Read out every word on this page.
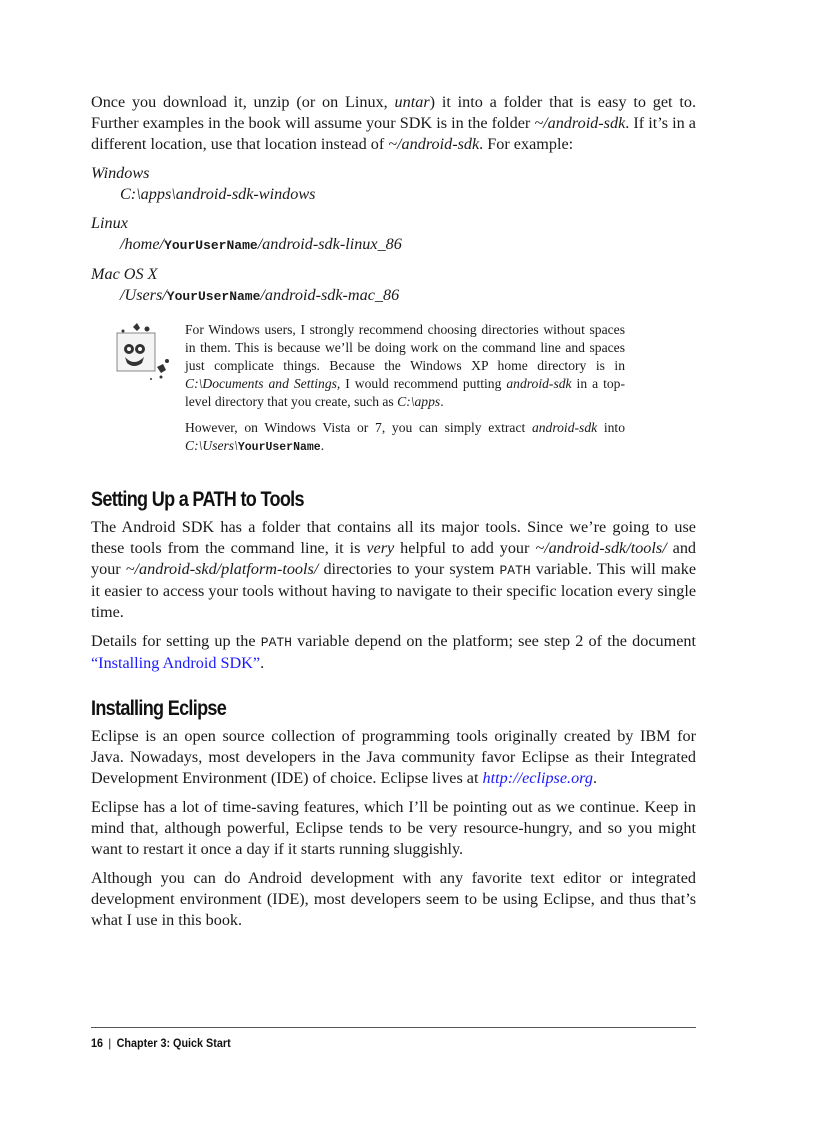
Once you download it, unzip (or on Linux, untar) it into a folder that is easy to get to. Further examples in the book will assume your SDK is in the folder ~/android-sdk. If it’s in a different location, use that location instead of ~/android-sdk. For example:

Windows
C:\apps\android-sdk-windows
Linux
/home/YourUserName/android-sdk-linux_86
Mac OS X
/Users/YourUserName/android-sdk-mac_86

For Windows users, I strongly recommend choosing directories without spaces in them. This is because we’ll be doing work on the command line and spaces just complicate things. Because the Windows XP home directory is in C:\Documents and Settings, I would recommend putting android-sdk in a top-level directory that you create, such as C:\apps.

However, on Windows Vista or 7, you can simply extract android-sdk into C:\Users\YourUserName.

Setting Up a PATH to Tools

The Android SDK has a folder that contains all its major tools. Since we’re going to use these tools from the command line, it is very helpful to add your ~/android-sdk/tools/ and your ~/android-skd/platform-tools/ directories to your system PATH variable. This will make it easier to access your tools without having to navigate to their specific location every single time.

Details for setting up the PATH variable depend on the platform; see step 2 of the document “Installing Android SDK”.

Installing Eclipse

Eclipse is an open source collection of programming tools originally created by IBM for Java. Nowadays, most developers in the Java community favor Eclipse as their Integrated Development Environment (IDE) of choice. Eclipse lives at http://eclipse.org.

Eclipse has a lot of time-saving features, which I’ll be pointing out as we continue. Keep in mind that, although powerful, Eclipse tends to be very resource-hungry, and so you might want to restart it once a day if it starts running sluggishly.

Although you can do Android development with any favorite text editor or integrated development environment (IDE), most developers seem to be using Eclipse, and thus that’s what I use in this book.

16 | Chapter 3: Quick Start
